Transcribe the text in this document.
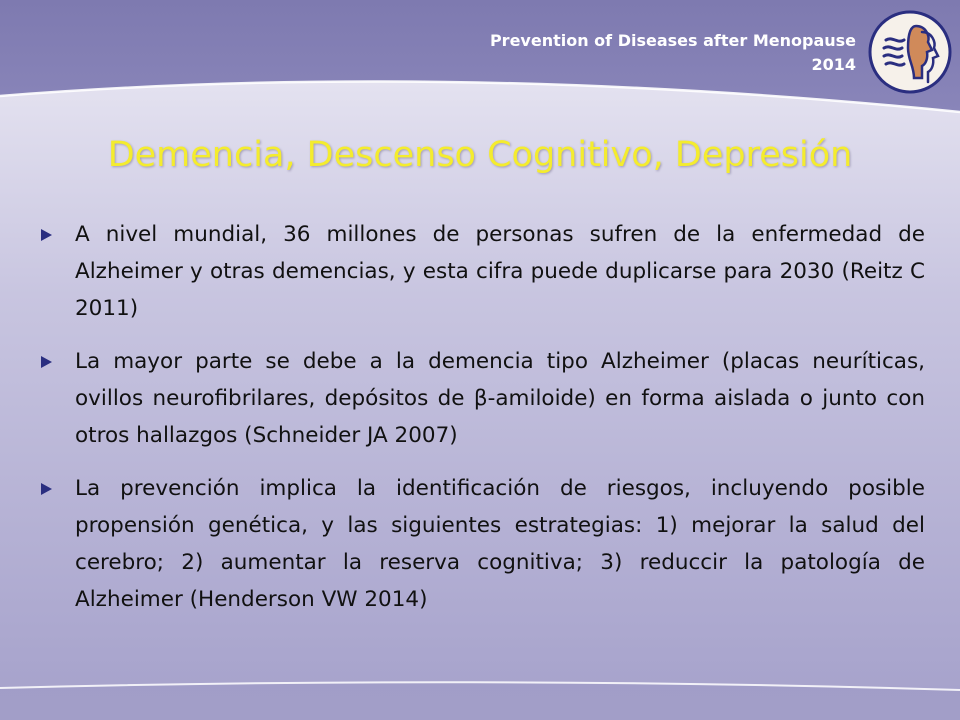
Prevention of Diseases after Menopause
2014
Demencia, Descenso Cognitivo, Depresión
A nivel mundial, 36 millones de personas sufren de la enfermedad de Alzheimer y otras demencias, y esta cifra puede duplicarse para 2030 (Reitz C 2011)
La mayor parte se debe a la demencia tipo Alzheimer (placas neuríticas, ovillos neurofibrilares, depósitos de β-amiloide) en forma aislada o junto con otros hallazgos (Schneider JA 2007)
La prevención implica la identificación de riesgos, incluyendo posible propensión genética, y las siguientes estrategias: 1) mejorar la salud del cerebro; 2) aumentar la reserva cognitiva; 3) reduccir la patología de Alzheimer (Henderson VW 2014)
